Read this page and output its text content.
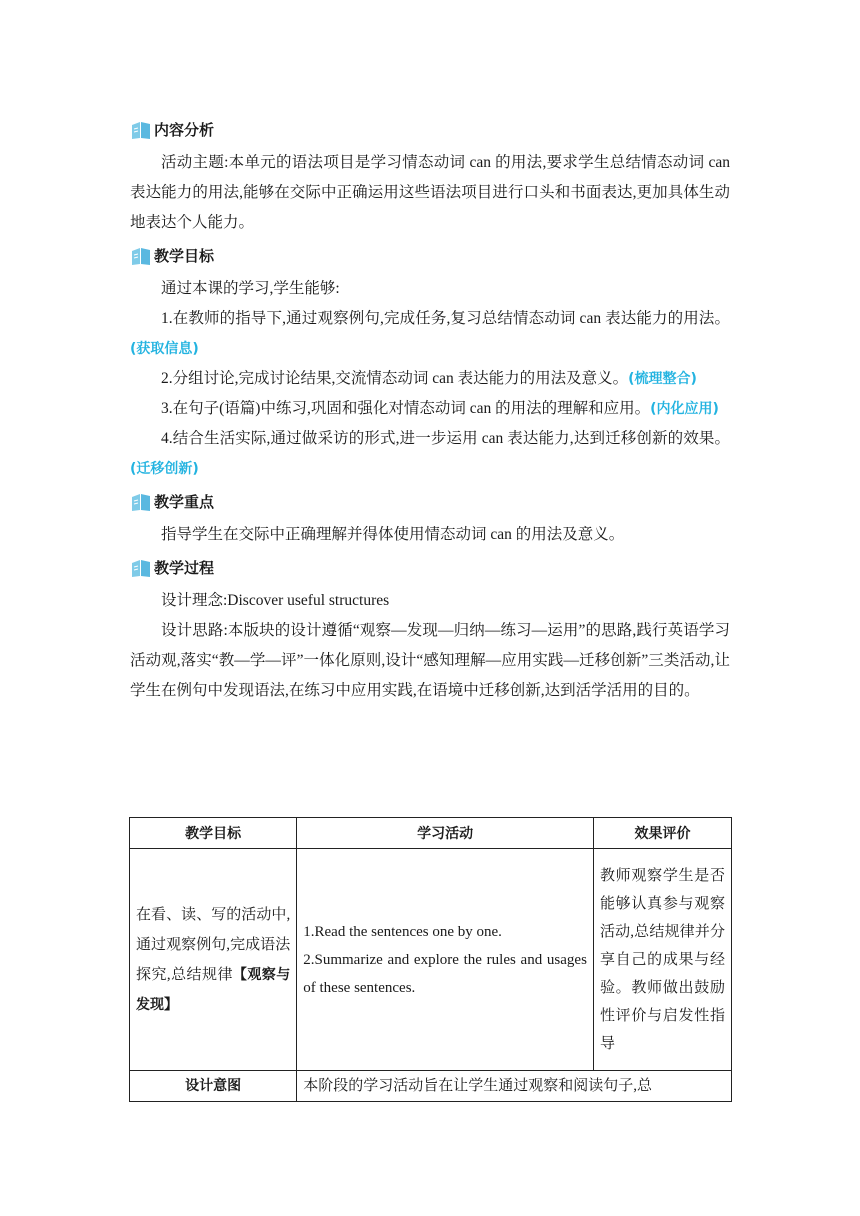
内容分析

活动主题:本单元的语法项目是学习情态动词 can 的用法,要求学生总结情态动词 can 表达能力的用法,能够在交际中正确运用这些语法项目进行口头和书面表达,更加具体生动地表达个人能力。

教学目标

通过本课的学习,学生能够:

1.在教师的指导下,通过观察例句,完成任务,复习总结情态动词 can 表达能力的用法。(获取信息)

2.分组讨论,完成讨论结果,交流情态动词 can 表达能力的用法及意义。(梳理整合)

3.在句子(语篇)中练习,巩固和强化对情态动词 can 的用法的理解和应用。(内化应用)

4.结合生活实际,通过做采访的形式,进一步运用 can 表达能力,达到迁移创新的效果。(迁移创新)

教学重点

指导学生在交际中正确理解并得体使用情态动词 can 的用法及意义。

教学过程

设计理念:Discover useful structures

设计思路:本版块的设计遵循“观察—发现—归纳—练习—运用”的思路,践行英语学习活动观,落实“教—学—评”一体化原则,设计“感知理解—应用实践—迁移创新”三类活动,让学生在例句中发现语法,在练习中应用实践,在语境中迁移创新,达到活学活用的目的。

教学目标	学习活动	效果评价
在看、读、写的活动中,通过观察例句,完成语法探究,总结规律【观察与发现】	1.Read the sentences one by one.
2.Summarize and explore the rules and usages of these sentences.	教师观察学生是否能够认真参与观察活动,总结规律并分享自己的成果与经验。教师做出鼓励性评价与启发性指导
设计意图	本阶段的学习活动旨在让学生通过观察和阅读句子,总	
